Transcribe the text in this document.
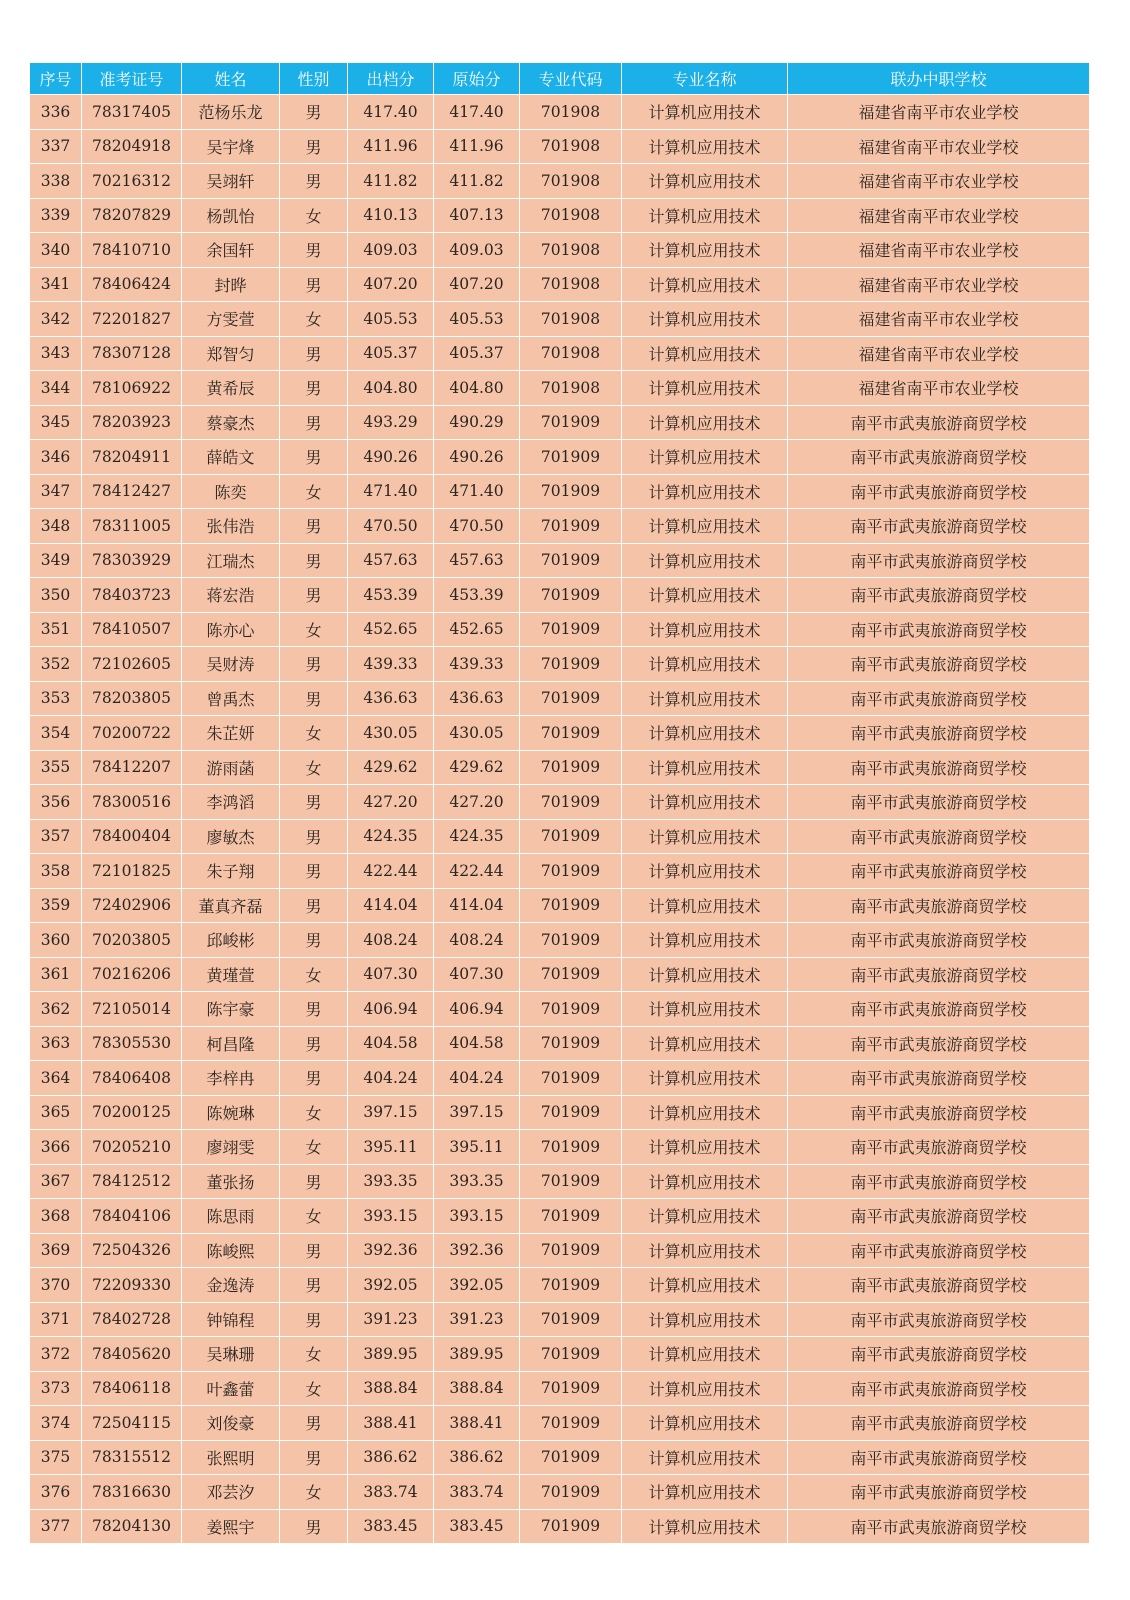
序号	准考证号	姓名	性别	出档分	原始分	专业代码	专业名称	联办中职学校
336	78317405	范杨乐龙	男	417.40	417.40	701908	计算机应用技术	福建省南平市农业学校
337	78204918	吴宇烽	男	411.96	411.96	701908	计算机应用技术	福建省南平市农业学校
338	70216312	吴翊轩	男	411.82	411.82	701908	计算机应用技术	福建省南平市农业学校
339	78207829	杨凯怡	女	410.13	407.13	701908	计算机应用技术	福建省南平市农业学校
340	78410710	余国轩	男	409.03	409.03	701908	计算机应用技术	福建省南平市农业学校
341	78406424	封晔	男	407.20	407.20	701908	计算机应用技术	福建省南平市农业学校
342	72201827	方雯萱	女	405.53	405.53	701908	计算机应用技术	福建省南平市农业学校
343	78307128	郑智匀	男	405.37	405.37	701908	计算机应用技术	福建省南平市农业学校
344	78106922	黄希辰	男	404.80	404.80	701908	计算机应用技术	福建省南平市农业学校
345	78203923	蔡豪杰	男	493.29	490.29	701909	计算机应用技术	南平市武夷旅游商贸学校
346	78204911	薛皓文	男	490.26	490.26	701909	计算机应用技术	南平市武夷旅游商贸学校
347	78412427	陈奕	女	471.40	471.40	701909	计算机应用技术	南平市武夷旅游商贸学校
348	78311005	张伟浩	男	470.50	470.50	701909	计算机应用技术	南平市武夷旅游商贸学校
349	78303929	江瑞杰	男	457.63	457.63	701909	计算机应用技术	南平市武夷旅游商贸学校
350	78403723	蒋宏浩	男	453.39	453.39	701909	计算机应用技术	南平市武夷旅游商贸学校
351	78410507	陈亦心	女	452.65	452.65	701909	计算机应用技术	南平市武夷旅游商贸学校
352	72102605	吴财涛	男	439.33	439.33	701909	计算机应用技术	南平市武夷旅游商贸学校
353	78203805	曾禹杰	男	436.63	436.63	701909	计算机应用技术	南平市武夷旅游商贸学校
354	70200722	朱芷妍	女	430.05	430.05	701909	计算机应用技术	南平市武夷旅游商贸学校
355	78412207	游雨菡	女	429.62	429.62	701909	计算机应用技术	南平市武夷旅游商贸学校
356	78300516	李鸿滔	男	427.20	427.20	701909	计算机应用技术	南平市武夷旅游商贸学校
357	78400404	廖敏杰	男	424.35	424.35	701909	计算机应用技术	南平市武夷旅游商贸学校
358	72101825	朱子翔	男	422.44	422.44	701909	计算机应用技术	南平市武夷旅游商贸学校
359	72402906	董真齐磊	男	414.04	414.04	701909	计算机应用技术	南平市武夷旅游商贸学校
360	70203805	邱峻彬	男	408.24	408.24	701909	计算机应用技术	南平市武夷旅游商贸学校
361	70216206	黄瑾萱	女	407.30	407.30	701909	计算机应用技术	南平市武夷旅游商贸学校
362	72105014	陈宇豪	男	406.94	406.94	701909	计算机应用技术	南平市武夷旅游商贸学校
363	78305530	柯昌隆	男	404.58	404.58	701909	计算机应用技术	南平市武夷旅游商贸学校
364	78406408	李梓冉	男	404.24	404.24	701909	计算机应用技术	南平市武夷旅游商贸学校
365	70200125	陈婉琳	女	397.15	397.15	701909	计算机应用技术	南平市武夷旅游商贸学校
366	70205210	廖翊雯	女	395.11	395.11	701909	计算机应用技术	南平市武夷旅游商贸学校
367	78412512	董张扬	男	393.35	393.35	701909	计算机应用技术	南平市武夷旅游商贸学校
368	78404106	陈思雨	女	393.15	393.15	701909	计算机应用技术	南平市武夷旅游商贸学校
369	72504326	陈峻熙	男	392.36	392.36	701909	计算机应用技术	南平市武夷旅游商贸学校
370	72209330	金逸涛	男	392.05	392.05	701909	计算机应用技术	南平市武夷旅游商贸学校
371	78402728	钟锦程	男	391.23	391.23	701909	计算机应用技术	南平市武夷旅游商贸学校
372	78405620	吴琳珊	女	389.95	389.95	701909	计算机应用技术	南平市武夷旅游商贸学校
373	78406118	叶鑫蕾	女	388.84	388.84	701909	计算机应用技术	南平市武夷旅游商贸学校
374	72504115	刘俊豪	男	388.41	388.41	701909	计算机应用技术	南平市武夷旅游商贸学校
375	78315512	张熙明	男	386.62	386.62	701909	计算机应用技术	南平市武夷旅游商贸学校
376	78316630	邓芸汐	女	383.74	383.74	701909	计算机应用技术	南平市武夷旅游商贸学校
377	78204130	姜熙宇	男	383.45	383.45	701909	计算机应用技术	南平市武夷旅游商贸学校
